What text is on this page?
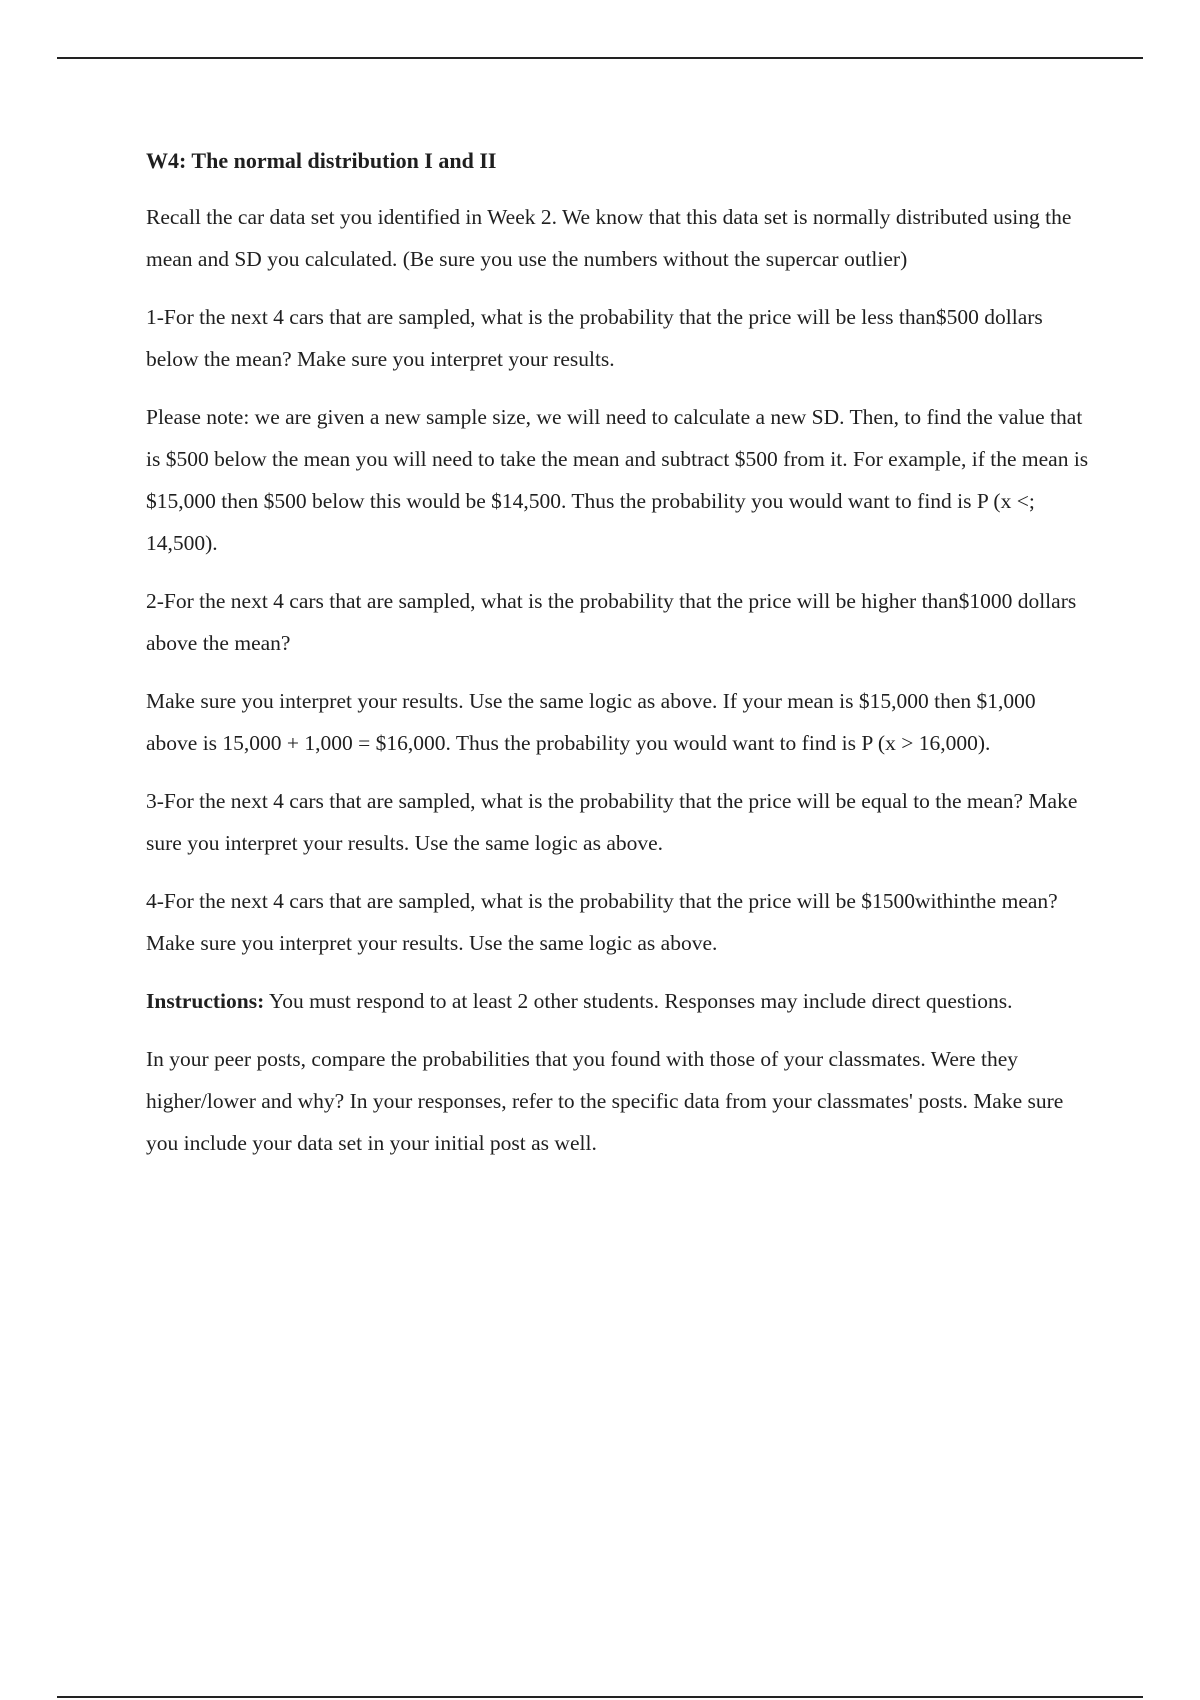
W4: The normal distribution I and II

Recall the car data set you identified in Week 2. We know that this data set is normally distributed using the mean and SD you calculated. (Be sure you use the numbers without the supercar outlier)

1-For the next 4 cars that are sampled, what is the probability that the price will be less than$500 dollars below the mean? Make sure you interpret your results.

Please note: we are given a new sample size, we will need to calculate a new SD. Then, to find the value that is $500 below the mean you will need to take the mean and subtract $500 from it. For example, if the mean is $15,000 then $500 below this would be $14,500. Thus the probability you would want to find is P (x <; 14,500).

2-For the next 4 cars that are sampled, what is the probability that the price will be higher than$1000 dollars above the mean?

Make sure you interpret your results. Use the same logic as above. If your mean is $15,000 then $1,000 above is 15,000 + 1,000 = $16,000. Thus the probability you would want to find is P (x > 16,000).

3-For the next 4 cars that are sampled, what is the probability that the price will be equal to the mean? Make sure you interpret your results. Use the same logic as above.

4-For the next 4 cars that are sampled, what is the probability that the price will be $1500withinthe mean? Make sure you interpret your results. Use the same logic as above.

Instructions: You must respond to at least 2 other students. Responses may include direct questions.

In your peer posts, compare the probabilities that you found with those of your classmates. Were they higher/lower and why? In your responses, refer to the specific data from your classmates' posts. Make sure you include your data set in your initial post as well.
